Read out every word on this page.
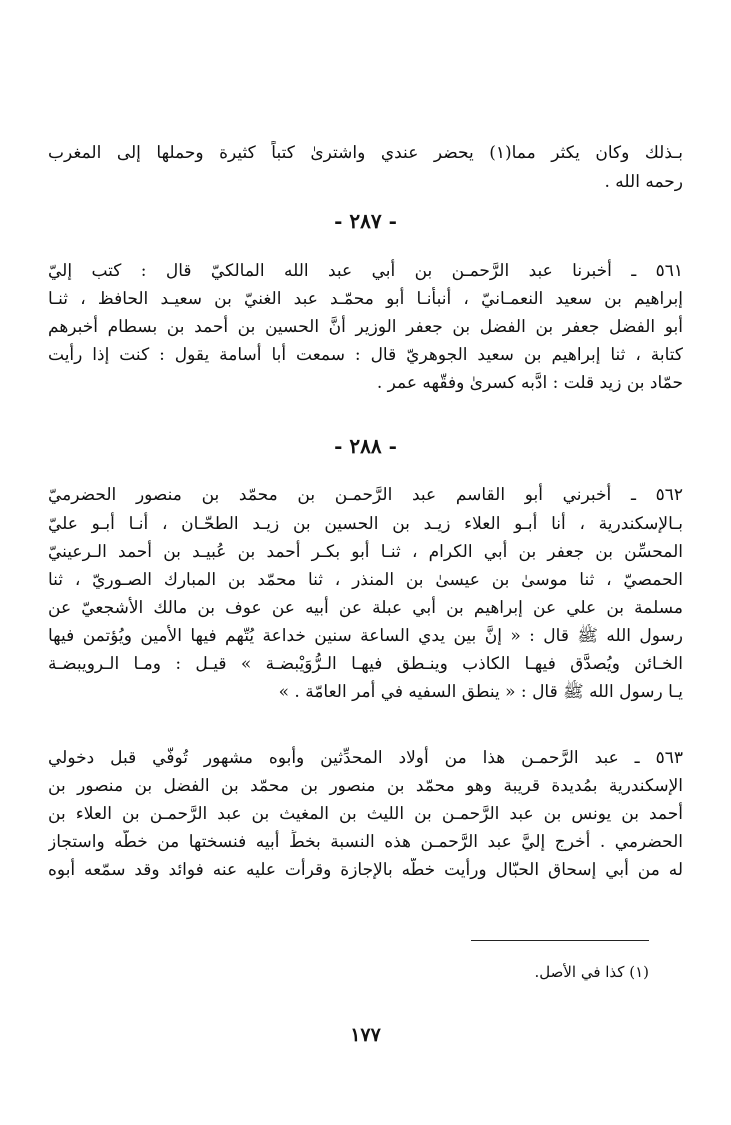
بـذلك وكان يكثر مما(١) يحضر عندي واشترىٰ كتباً كثيرة وحملها إلى المغرب
رحمه الله .
- ٢٨٧ -
٥٦١ ـ أخبرنا عبد الرَّحمـن بن أبي عبد الله المالكيّ قال : كتب إليّ
إبراهيم بن سعيد النعمـانيّ ، أنبأنـا أبو محمّـد عبد الغنيّ بن سعيـد الحافظ ، ثنـا
أبو الفضل جعفر بن الفضل بن جعفر الوزير أنَّ الحسين بن أحمد بن بسطام أخبرهم
كتابة ، ثنا إبراهيم بن سعيد الجوهريّ قال : سمعت أبا أسامة يقول : كنت إذا رأيت
حمّاد بن زيد قلت : ادَّبه كسرىٰ وفقّهه عمر .
- ٢٨٨ -
٥٦٢ ـ أخبرني أبو القاسم عبد الرَّحمـن بن محمّد بن منصور الحضرميّ
بـالإسكندرية ، أنا أبـو العلاء زيـد بن الحسين بن زيـد الطحّـان ، أنـا أبـو عليّ
المحسِّن بن جعفر بن أبي الكرام ، ثنـا أبو بكـر أحمد بن عُبيـد بن أحمد الـرعينيّ
الحمصيّ ، ثنا موسىٰ بن عيسىٰ بن المنذر ، ثنا محمّد بن المبارك الصـوريّ ، ثنا
مسلمة بن علي عن إبراهيم بن أبي عبلة عن أبيه عن عوف بن مالك الأشجعيّ عن
رسول الله ﷺ قال : « إنَّ بين يدي الساعة سنين خداعة يُتّهم فيها الأمين ويُؤتمن فيها
الخـائن ويُصدَّق فيهـا الكاذب وينـطق فيهـا الـرُّوَيْبضـة » قيـل : ومـا الـرويبضـة
يـا رسول الله ﷺ قال : « ينطق السفيه في أمر العامّة . »
٥٦٣ ـ عبد الرَّحمـن هذا من أولاد المحدِّثين وأبوه مشهور تُوفّي قبل دخولي
الإسكندرية بمُديدة قريبة وهو محمّد بن منصور بن محمّد بن الفضل بن منصور بن
أحمد بن يونس بن عبد الرَّحمـن بن الليث بن المغيث بن عبد الرَّحمـن بن العلاء بن
الحضرمي . أخرج إليَّ عبد الرَّحمـن هذه النسبة بخطِّ أبيه فنسختها من خطّه واستجاز
له من أبي إسحاق الحبّال ورأيت خطّه بالإجازة وقرأت عليه عنه فوائد وقد سمّعه أبوه
(١) كذا في الأصل.
١٧٧
